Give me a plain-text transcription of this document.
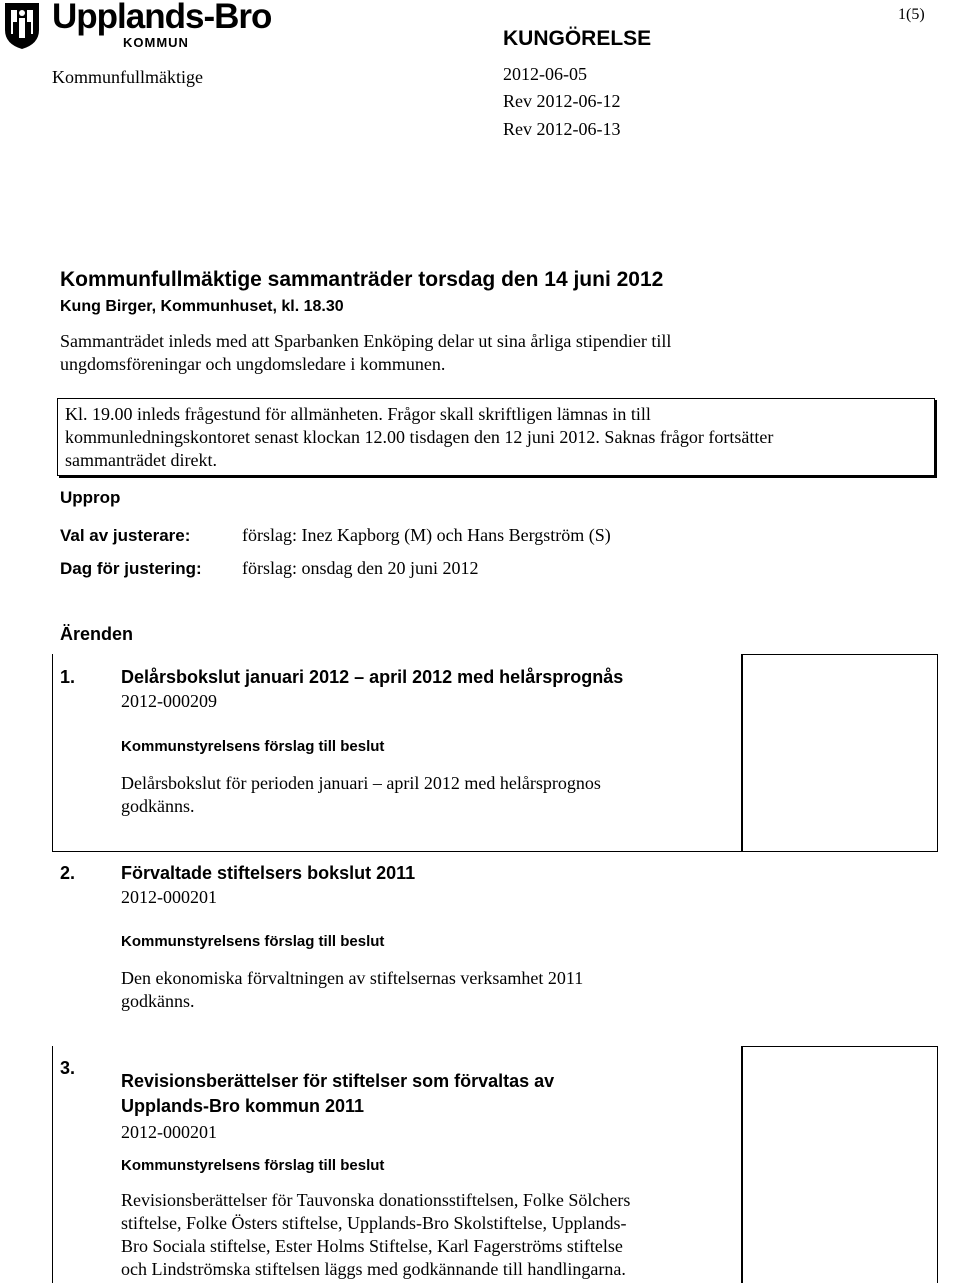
Upplands-Bro
KOMMUN
1(5)
KUNGÖRELSE
Kommunfullmäktige	2012-06-05
Rev 2012-06-12
Rev 2012-06-13
Kommunfullmäktige sammanträder torsdag den 14 juni 2012
Kung Birger, Kommunhuset, kl. 18.30
Sammanträdet inleds med att Sparbanken Enköping delar ut sina årliga stipendier till
ungdomsföreningar och ungdomsledare i kommunen.
Kl. 19.00 inleds frågestund för allmänheten. Frågor skall skriftligen lämnas in till
kommunledningskontoret senast klockan 12.00 tisdagen den 12 juni 2012. Saknas frågor fortsätter
sammanträdet direkt.
Upprop
Val av justerare:	förslag: Inez Kapborg (M) och Hans Bergström (S)
Dag för justering: förslag: onsdag den 20 juni 2012
Ärenden
1.	Delårsbokslut januari 2012 – april 2012 med helårsprognås
2012-000209
Kommunstyrelsens förslag till beslut
Delårsbokslut för perioden januari – april 2012 med helårsprognos
godkänns.
2.	Förvaltade stiftelsers bokslut 2011
2012-000201
Kommunstyrelsens förslag till beslut
Den ekonomiska förvaltningen av stiftelsernas verksamhet 2011
godkänns.
3.
Revisionsberättelser för stiftelser som förvaltas av
Upplands-Bro kommun 2011
2012-000201
Kommunstyrelsens förslag till beslut
Revisionsberättelser för Tauvonska donationsstiftelsen, Folke Sölchers
stiftelse, Folke Östers stiftelse, Upplands-Bro Skolstiftelse, Upplands-
Bro Sociala stiftelse, Ester Holms Stiftelse, Karl Fagerströms stiftelse
och Lindströmska stiftelsen läggs med godkännande till handlingarna.
